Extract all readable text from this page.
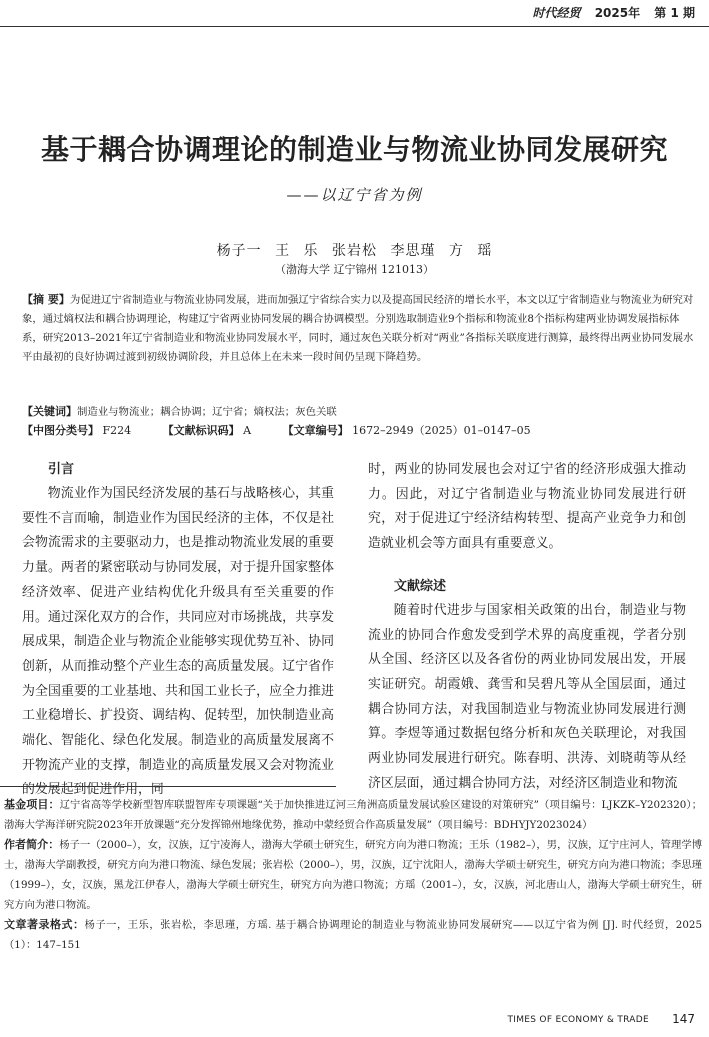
时代经贸 2025年 第 1 期
基于耦合协调理论的制造业与物流业协同发展研究
——以辽宁省为例
杨子一 王 乐 张岩松 李思瑾 方 瑶
（渤海大学 辽宁锦州 121013）
【摘 要】为促进辽宁省制造业与物流业协同发展，进而加强辽宁省综合实力以及提高国民经济的增长水平，本文以辽宁省制造业与物流业为研究对象，通过熵权法和耦合协调理论，构建辽宁省两业协同发展的耦合协调模型。分别选取制造业9个指标和物流业8个指标构建两业协调发展指标体系，研究2013–2021年辽宁省制造业和物流业协同发展水平，同时，通过灰色关联分析对“两业”各指标关联度进行测算，最终得出两业协同发展水平由最初的良好协调过渡到初级协调阶段，并且总体上在未来一段时间仍呈现下降趋势。
【关键词】制造业与物流业；耦合协调；辽宁省；熵权法；灰色关联
【中图分类号】 F224	【文献标识码】 A	【文章编号】 1672–2949（2025）01–0147–05
引言

物流业作为国民经济发展的基石与战略核心，其重要性不言而喻，制造业作为国民经济的主体，不仅是社会物流需求的主要驱动力，也是推动物流业发展的重要力量。两者的紧密联动与协同发展，对于提升国家整体经济效率、促进产业结构优化升级具有至关重要的作用。通过深化双方的合作，共同应对市场挑战，共享发展成果，制造企业与物流企业能够实现优势互补、协同创新，从而推动整个产业生态的高质量发展。辽宁省作为全国重要的工业基地、共和国工业长子，应全力推进工业稳增长、扩投资、调结构、促转型，加快制造业高端化、智能化、绿色化发展。制造业的高质量发展离不开物流产业的支撑，制造业的高质量发展又会对物流业的发展起到促进作用，同

时，两业的协同发展也会对辽宁省的经济形成强大推动力。因此，对辽宁省制造业与物流业协同发展进行研究，对于促进辽宁经济结构转型、提高产业竞争力和创造就业机会等方面具有重要意义。

文献综述

随着时代进步与国家相关政策的出台，制造业与物流业的协同合作愈发受到学术界的高度重视，学者分别从全国、经济区以及各省份的两业协同发展出发，开展实证研究。胡霞娥、龚雪和吴碧凡等从全国层面，通过耦合协同方法，对我国制造业与物流业协同发展进行测算。李煜等通过数据包络分析和灰色关联理论，对我国两业协同发展进行研究。陈春明、洪涛、刘晓萌等从经济区层面，通过耦合协同方法，对经济区制造业和物流

基金项目：辽宁省高等学校新型智库联盟智库专项课题“关于加快推进辽河三角洲高质量发展试验区建设的对策研究”（项目编号：LJKZK–Y202320）；渤海大学海洋研究院2023年开放课题“充分发挥锦州地缘优势，推动中蒙经贸合作高质量发展”（项目编号：BDHYJY2023024）

作者简介：杨子一（2000–），女，汉族，辽宁凌海人，渤海大学硕士研究生，研究方向为港口物流；王乐（1982–），男，汉族，辽宁庄河人，管理学博士，渤海大学副教授，研究方向为港口物流、绿色发展；张岩松（2000–），男，汉族，辽宁沈阳人，渤海大学硕士研究生，研究方向为港口物流；李思瑾（1999–），女，汉族，黑龙江伊春人，渤海大学硕士研究生，研究方向为港口物流；方瑶（2001–），女，汉族，河北唐山人，渤海大学硕士研究生，研究方向为港口物流。

文章著录格式：杨子一，王乐，张岩松，李思瑾，方瑶. 基于耦合协调理论的制造业与物流业协同发展研究——以辽宁省为例 [J]. 时代经贸，2025（1）：147–151

TIMES OF ECONOMY & TRADE 147
